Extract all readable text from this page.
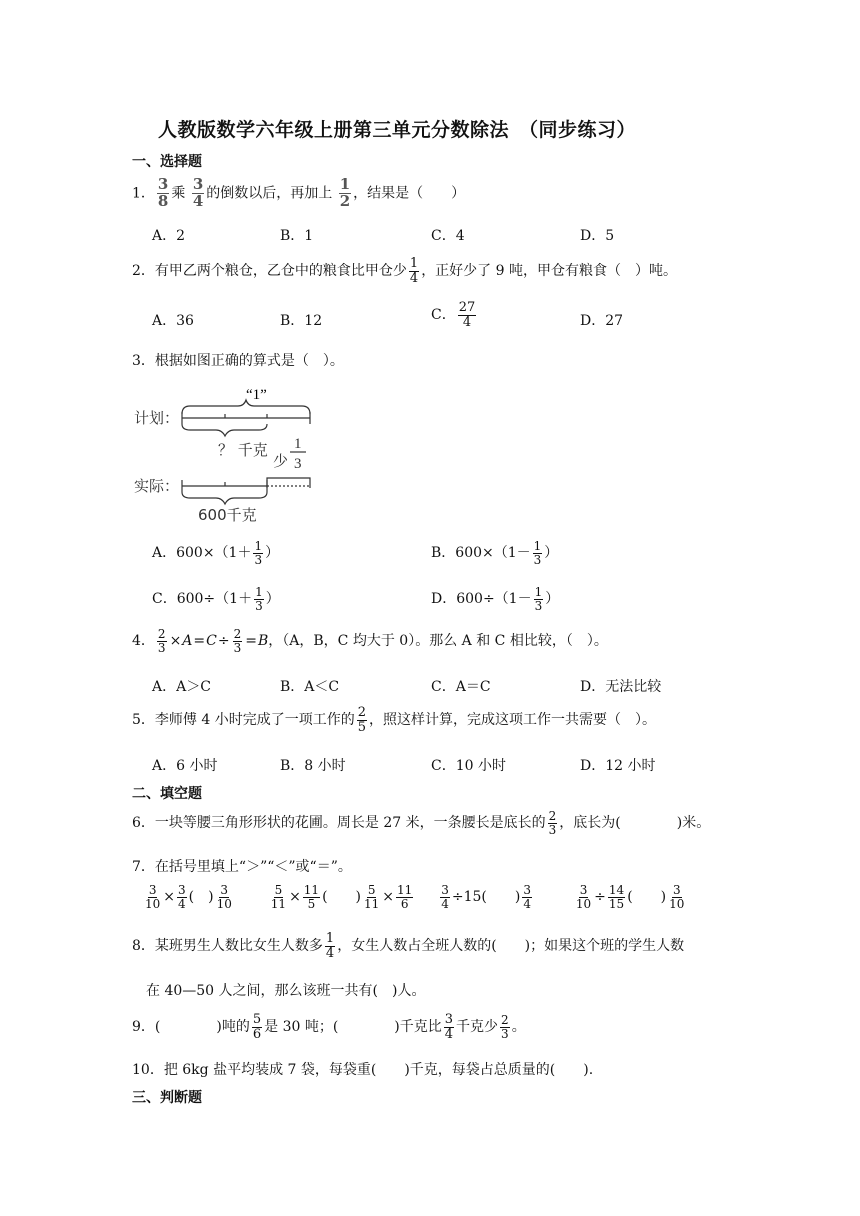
人教版数学六年级上册第三单元分数除法　（同步练习）
一、选择题
1． $\frac{3}{8}$ 乘 $\frac{3}{4}$ 的倒数以后，再加上 $\frac{1}{2}$ ，结果是（　　）
A．2	B．1	C．4	D．5
2．有甲乙两个粮仓，乙仓中的粮食比甲仓少 $\frac{1}{4}$ ，正好少了 9 吨，甲仓有粮食（　）吨。
A．36	B．12	C． $\frac{27}{4}$	D．27
3．根据如图正确的算式是（　）。
“1”
计划：
？ 千克
少
1
3
实际：
600千克
A．$600\times(1+ \frac{1}{3}$ ）	B．$600\times(1- \frac{1}{3}$ ）
C．$600\div(1+ \frac{1}{3}$ ）	D．$600\div(1- \frac{1}{3}$ ）
4． $\frac{2}{3} \times A=C\div \frac{2}{3} =B$，（A，B，C 均大于 0）。那么 A 和 C 相比较，（　）。
A．A＞C	B．A＜C	C．A＝C	D．无法比较
5．李师傅 4 小时完成了一项工作的 $\frac{2}{5}$ ，照这样计算，完成这项工作一共需要（　）。
A．6 小时	B．8 小时	C．10 小时	D．12 小时
二、填空题
6．一块等腰三角形形状的花圃。周长是 27 米，一条腰长是底长的 $\frac{2}{3}$ ，底长为(　　　　)米。
7．在括号里填上“＞”“＜”或“＝”。
$\frac{3}{10} \times \frac{3}{4}$ (　) $\frac{3}{10}$
	$\frac{5}{11} \times \frac{11}{5}$ (　　) $\frac{5}{11} \times \frac{11}{6}$
$\frac{3}{4} \div 15$(　　) $\frac{3}{4}$
	$\frac{3}{10} \div \frac{14}{15}$ (　　) $\frac{3}{10}$
8．某班男生人数比女生人数多 $\frac{1}{4}$ ，女生人数占全班人数的(　　)；如果这个班的学生人数
在 40—50 人之间，那么该班一共有(　)人。
9．(　　　　)吨的 $\frac{5}{6}$ 是 30 吨；(　　　　)千克比 $\frac{3}{4}$ 千克少 $\frac{2}{3}$ 。
10．把 6kg 盐平均装成 7 袋，每袋重(　　)千克，每袋占总质量的(　　).
三、判断题
